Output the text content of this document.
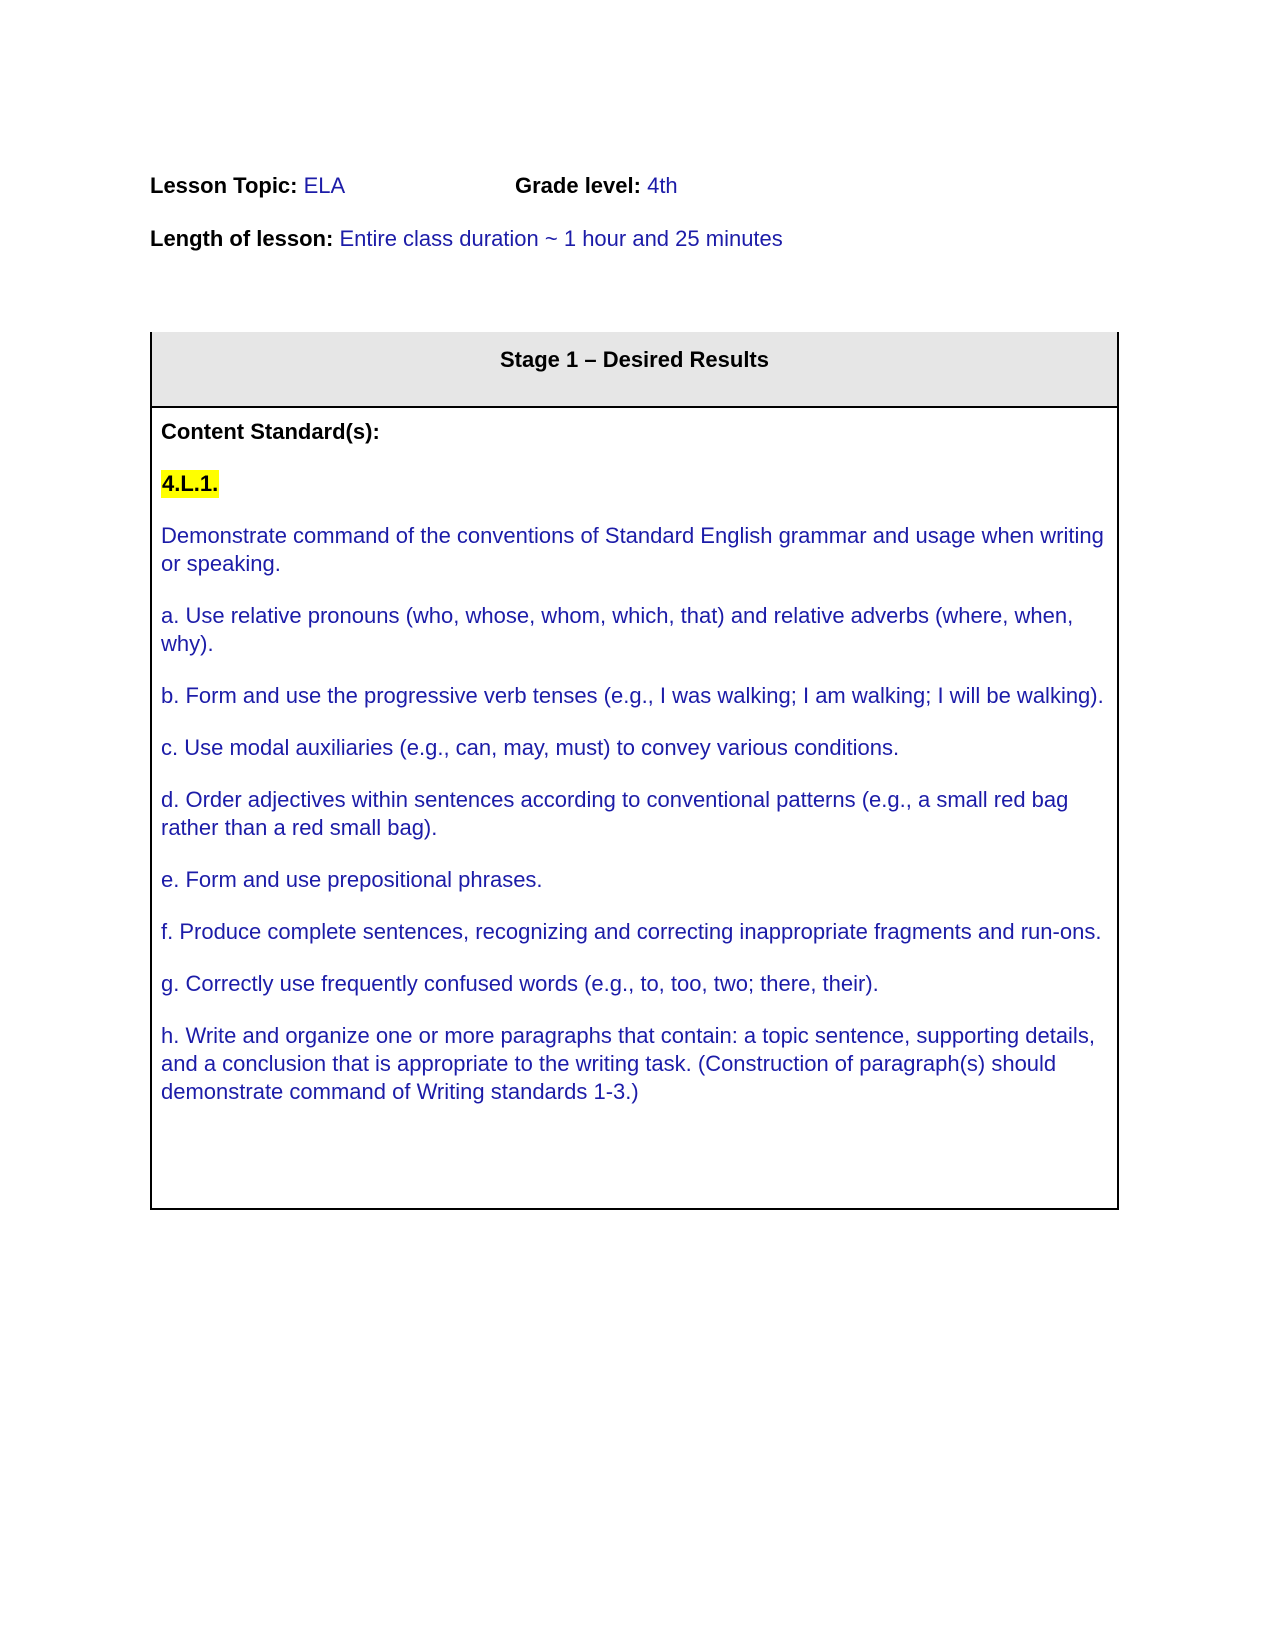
Lesson Topic: ELA	Grade level: 4th
Length of lesson: Entire class duration ~ 1 hour and 25 minutes
Stage 1 – Desired Results

Content Standard(s):

4.L.1.

Demonstrate command of the conventions of Standard English grammar and usage when writing or speaking.

a. Use relative pronouns (who, whose, whom, which, that) and relative adverbs (where, when, why).

b. Form and use the progressive verb tenses (e.g., I was walking; I am walking; I will be walking).

c. Use modal auxiliaries (e.g., can, may, must) to convey various conditions.

d. Order adjectives within sentences according to conventional patterns (e.g., a small red bag rather than a red small bag).

e. Form and use prepositional phrases.

f. Produce complete sentences, recognizing and correcting inappropriate fragments and run-ons.

g. Correctly use frequently confused words (e.g., to, too, two; there, their).

h. Write and organize one or more paragraphs that contain: a topic sentence, supporting details, and a conclusion that is appropriate to the writing task. (Construction of paragraph(s) should demonstrate command of Writing standards 1-3.)
